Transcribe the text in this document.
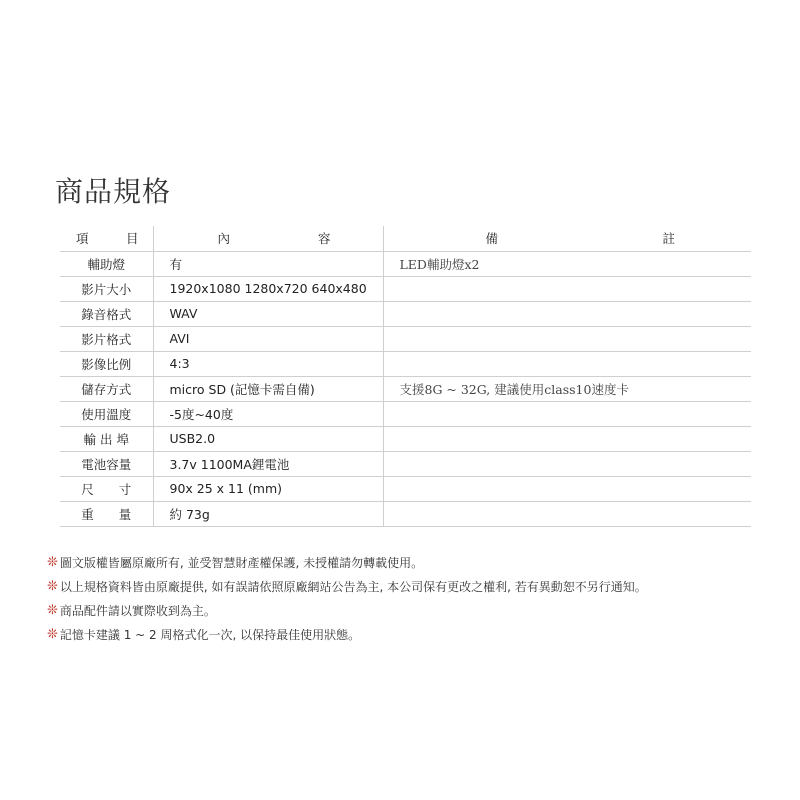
商品規格
項 目	內 容	備 註

輔助燈	有	LED輔助燈x2
影片大小	1920x1080 1280x720 640x480	
錄音格式	WAV	
影片格式	AVI	
影像比例	4:3	
儲存方式	micro SD (記憶卡需自備)	支援8G ~ 32G, 建議使用class10速度卡
使用溫度	-5度~40度	
輸 出 埠	USB2.0	
電池容量	3.7v 1100MA鋰電池	
尺　　寸	90x 25 x 11 (mm)	
重　　量	約 73g	
❊ 圖文版權皆屬原廠所有, 並受智慧財產權保護, 未授權請勿轉載使用。
❊ 以上規格資料皆由原廠提供, 如有誤請依照原廠網站公告為主, 本公司保有更改之權利, 若有異動恕不另行通知。
❊ 商品配件請以實際收到為主。
❊ 記憶卡建議 1 ~ 2 周格式化一次, 以保持最佳使用狀態。
